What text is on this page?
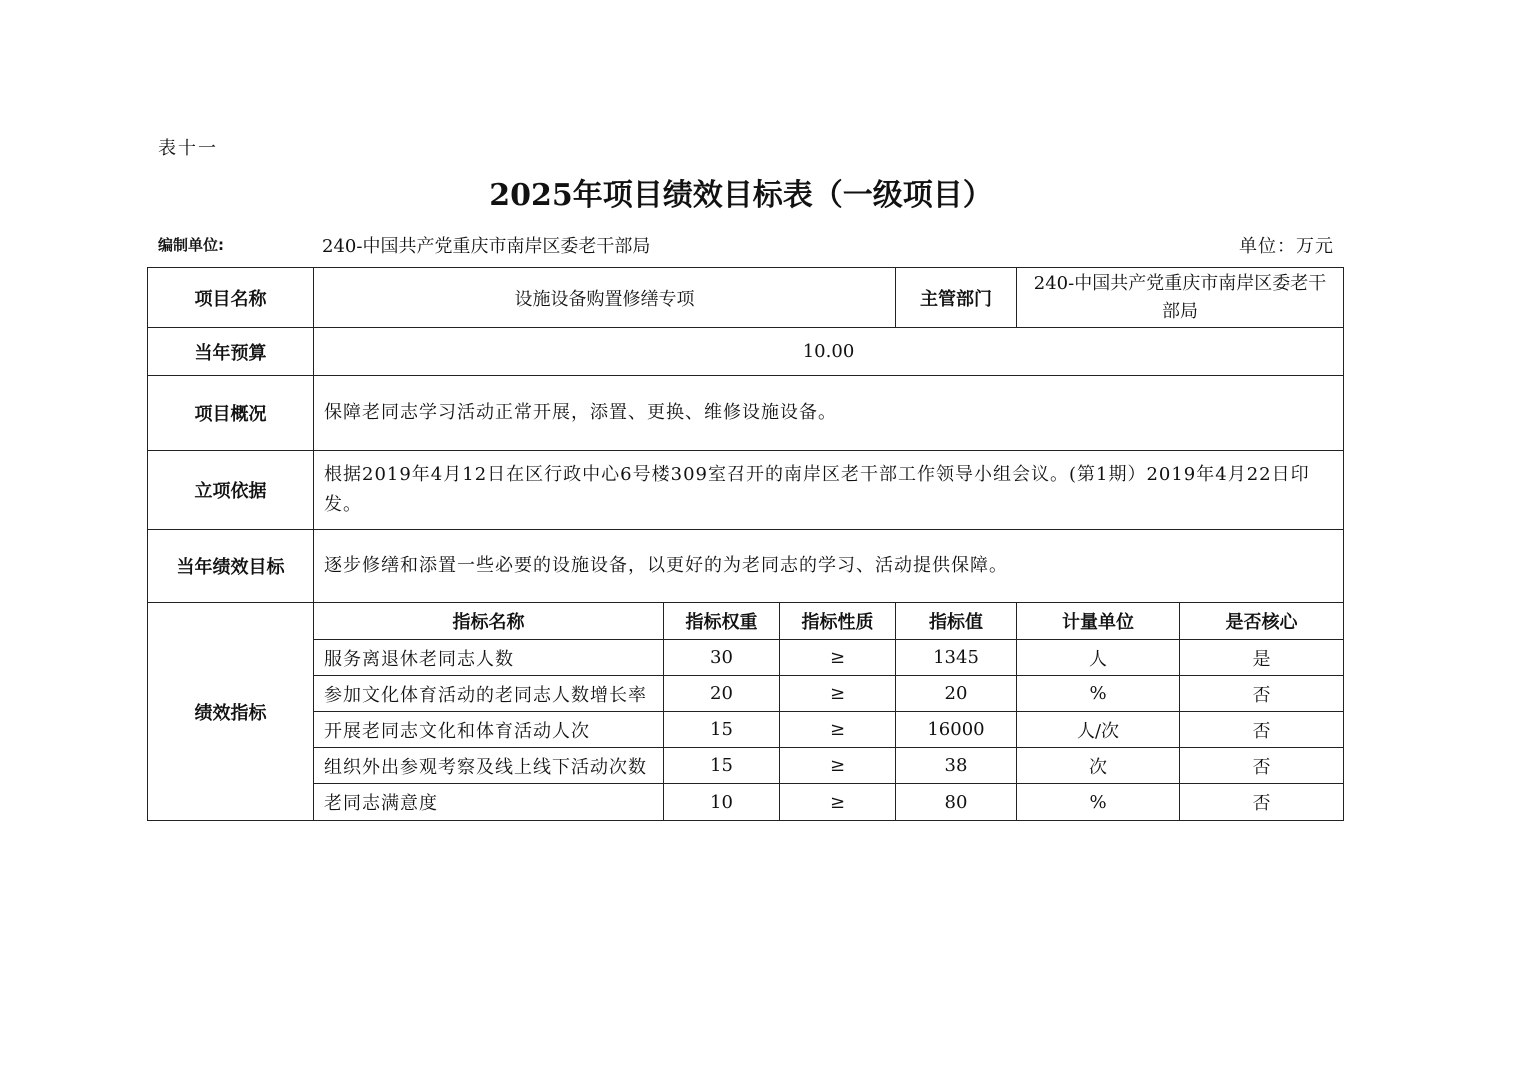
表十一
2025年项目绩效目标表（一级项目）
编制单位:	240-中国共产党重庆市南岸区委老干部局	单位：万元
项目名称	设施设备购置修缮专项			主管部门	240-中国共产党重庆市南岸区委老干部局	
当年预算	10.00					
项目概况	保障老同志学习活动正常开展，添置、更换、维修设施设备。					
立项依据	根据2019年4月12日在区行政中心6号楼309室召开的南岸区老干部工作领导小组会议。(第1期）2019年4月22日印发。					
当年绩效目标	逐步修缮和添置一些必要的设施设备，以更好的为老同志的学习、活动提供保障。					
绩效指标	指标名称	指标权重	指标性质	指标值	计量单位	是否核心
	服务离退休老同志人数	30	≥	1345	人	是
	参加文化体育活动的老同志人数增长率	20	≥	20	%	否
	开展老同志文化和体育活动人次	15	≥	16000	人/次	否
	组织外出参观考察及线上线下活动次数	15	≥	38	次	否
	老同志满意度	10	≥	80	%	否
